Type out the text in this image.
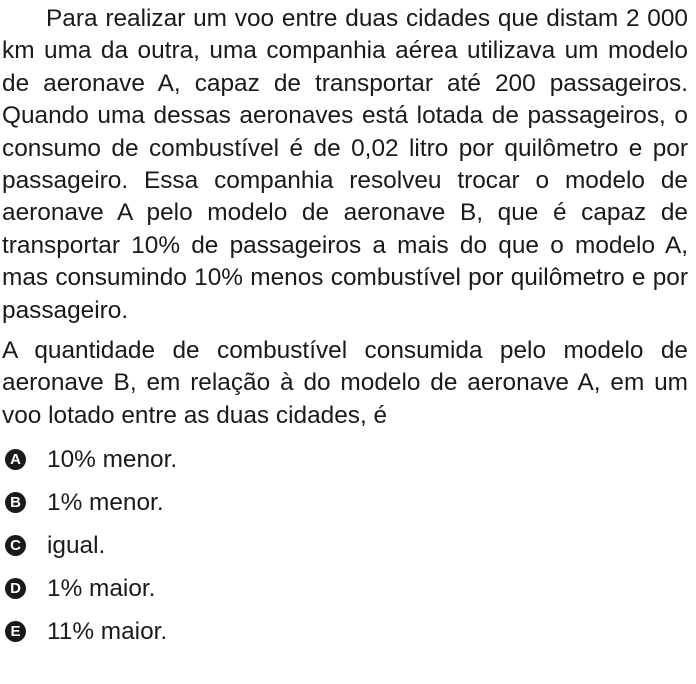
Para realizar um voo entre duas cidades que distam 2 000 km uma da outra, uma companhia aérea utilizava um modelo de aeronave A, capaz de transportar até 200 passageiros. Quando uma dessas aeronaves está lotada de passageiros, o consumo de combustível é de 0,02 litro por quilômetro e por passageiro. Essa companhia resolveu trocar o modelo de aeronave A pelo modelo de aeronave B, que é capaz de transportar 10% de passageiros a mais do que o modelo A, mas consumindo 10% menos combustível por quilômetro e por passageiro.

A quantidade de combustível consumida pelo modelo de aeronave B, em relação à do modelo de aeronave A, em um voo lotado entre as duas cidades, é

A 10% menor.
B 1% menor.
C igual.
D 1% maior.
E 11% maior.
